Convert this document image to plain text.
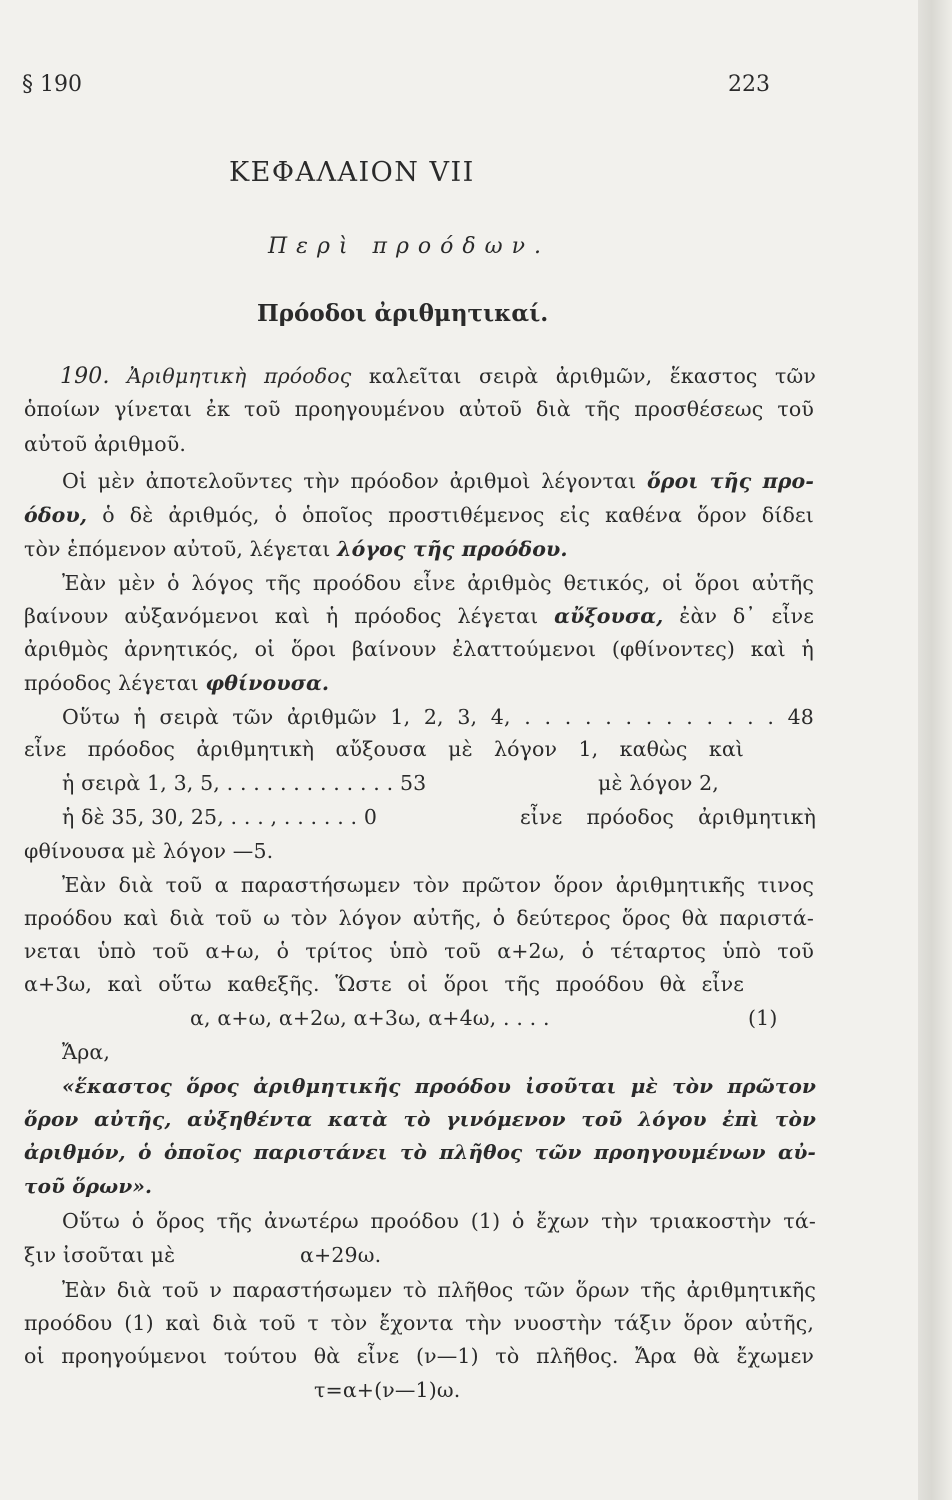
§ 190	223
ΚΕΦΑΛΑΙΟΝ VII
Περὶ προόδων.
Πρόοδοι ἀριθμητικαί.
190. Ἀριθμητικὴ πρόοδος καλεῖται σειρὰ ἀριθμῶν, ἕκαστος τῶν
ὁποίων γίνεται ἐκ τοῦ προηγουμένου αὐτοῦ διὰ τῆς προσθέσεως τοῦ
αὐτοῦ ἀριθμοῦ.
Οἱ μὲν ἀποτελοῦντες τὴν πρόοδον ἀριθμοὶ λέγονται ὅροι τῆς προ-
όδου, ὁ δὲ ἀριθμός, ὁ ὁποῖος προστιθέμενος εἰς καθένα ὅρον δίδει
τὸν ἑπόμενον αὐτοῦ, λέγεται λόγος τῆς προόδου.
Ἐὰν μὲν ὁ λόγος τῆς προόδου εἶνε ἀριθμὸς θετικός, οἱ ὅροι αὐτῆς
βαίνουν αὐξανόμενοι καὶ ἡ πρόοδος λέγεται αὔξουσα, ἐὰν δ᾿ εἶνε
ἀριθμὸς ἀρνητικός, οἱ ὅροι βαίνουν ἐλαττούμενοι (φθίνοντες) καὶ ἡ
πρόοδος λέγεται φθίνουσα.
Οὕτω ἡ σειρὰ τῶν ἀριθμῶν 1, 2, 3, 4, . . . . . . . . . . . . . 48
εἶνε πρόοδος ἀριθμητικὴ αὔξουσα μὲ λόγον 1, καθὼς καὶ
ἡ σειρὰ 1, 3, 5, . . . . . . . . . . . . . 53	μὲ λόγον 2,
ἡ δὲ 35, 30, 25, . . . , . . . . . . 0	εἶνε πρόοδος ἀριθμητικὴ
φθίνουσα μὲ λόγον —5.
Ἐὰν διὰ τοῦ α παραστήσωμεν τὸν πρῶτον ὅρον ἀριθμητικῆς τινος
προόδου καὶ διὰ τοῦ ω τὸν λόγον αὐτῆς, ὁ δεύτερος ὅρος θὰ παριστά-
νεται ὑπὸ τοῦ α+ω, ὁ τρίτος ὑπὸ τοῦ α+2ω, ὁ τέταρτος ὑπὸ τοῦ
α+3ω, καὶ οὕτω καθεξῆς. Ὥστε οἱ ὅροι τῆς προόδου θὰ εἶνε
α, α+ω, α+2ω, α+3ω, α+4ω, . . . .	(1)
Ἄρα,
«ἕκαστος ὅρος ἀριθμητικῆς προόδου ἰσοῦται μὲ τὸν πρῶτον
ὅρον αὐτῆς, αὐξηθέντα κατὰ τὸ γινόμενον τοῦ λόγου ἐπὶ τὸν
ἀριθμόν, ὁ ὁποῖος παριστάνει τὸ πλῆθος τῶν προηγουμένων αὐ-
τοῦ ὅρων».
Οὕτω ὁ ὅρος τῆς ἀνωτέρω προόδου (1) ὁ ἔχων τὴν τριακοστὴν τά-
ξιν ἰσοῦται μὲ	α+29ω.
Ἐὰν διὰ τοῦ ν παραστήσωμεν τὸ πλῆθος τῶν ὅρων τῆς ἀριθμητικῆς
προόδου (1) καὶ διὰ τοῦ τ τὸν ἔχοντα τὴν νυοστὴν τάξιν ὅρον αὐτῆς,
οἱ προηγούμενοι τούτου θὰ εἶνε (ν—1) τὸ πλῆθος. Ἄρα θὰ ἔχωμεν
τ=α+(ν—1)ω.
